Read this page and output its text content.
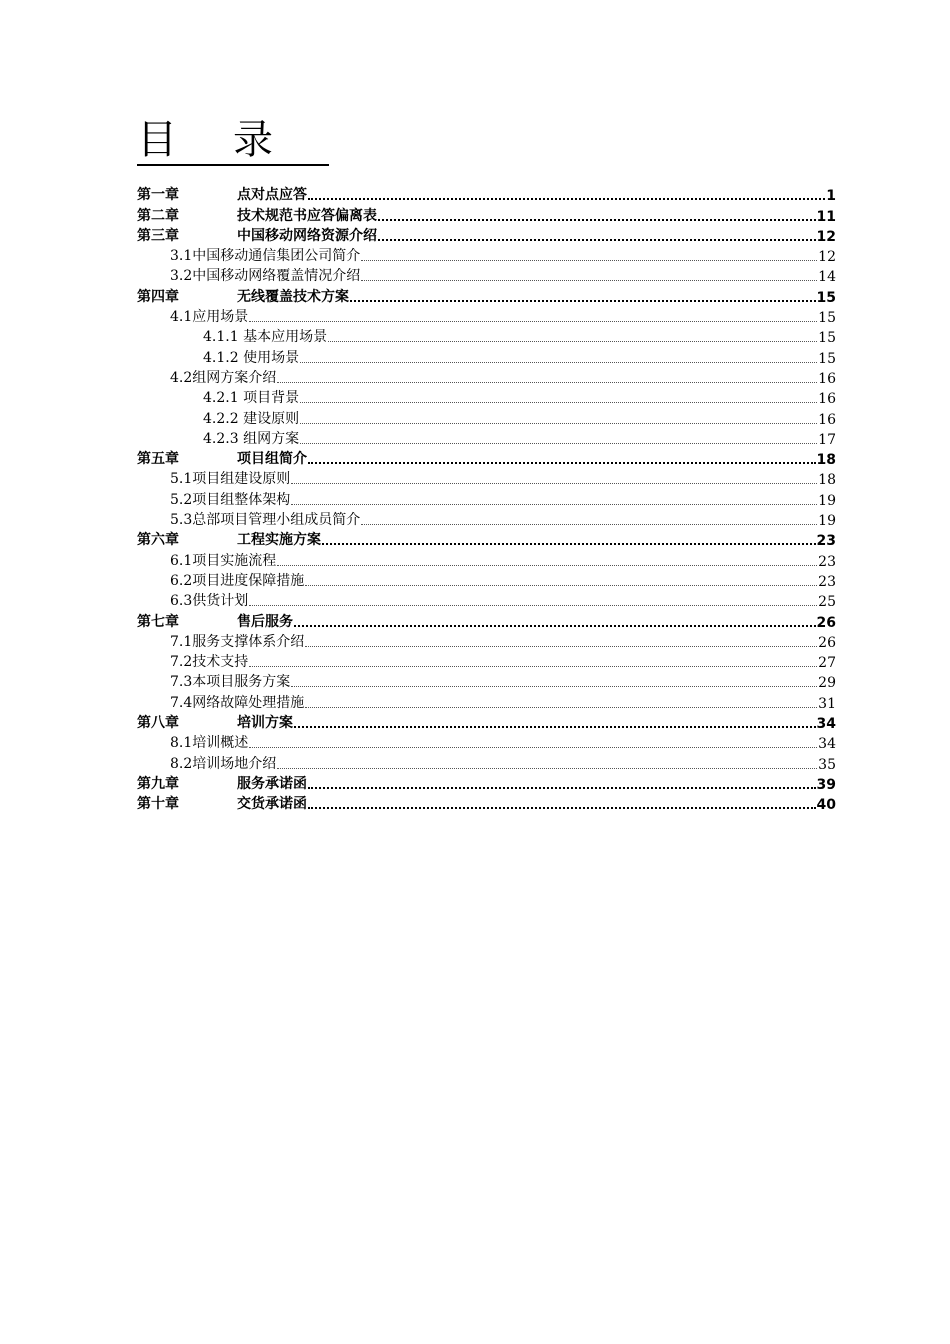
目录
第一章	点对点应答	1
第二章	技术规范书应答偏离表	11
第三章	中国移动网络资源介绍	12
3.1中国移动通信集团公司简介	12
3.2中国移动网络覆盖情况介绍	14
第四章	无线覆盖技术方案	15
4.1应用场景	15
4.1.1 基本应用场景	15
4.1.2 使用场景	15
4.2组网方案介绍	16
4.2.1 项目背景	16
4.2.2 建设原则	16
4.2.3 组网方案	17
第五章	项目组简介	18
5.1项目组建设原则	18
5.2项目组整体架构	19
5.3总部项目管理小组成员简介	19
第六章	工程实施方案	23
6.1项目实施流程	23
6.2项目进度保障措施	23
6.3供货计划	25
第七章	售后服务	26
7.1服务支撑体系介绍	26
7.2技术支持	27
7.3本项目服务方案	29
7.4网络故障处理措施	31
第八章	培训方案	34
8.1培训概述	34
8.2培训场地介绍	35
第九章	服务承诺函	39
第十章	交货承诺函	40
